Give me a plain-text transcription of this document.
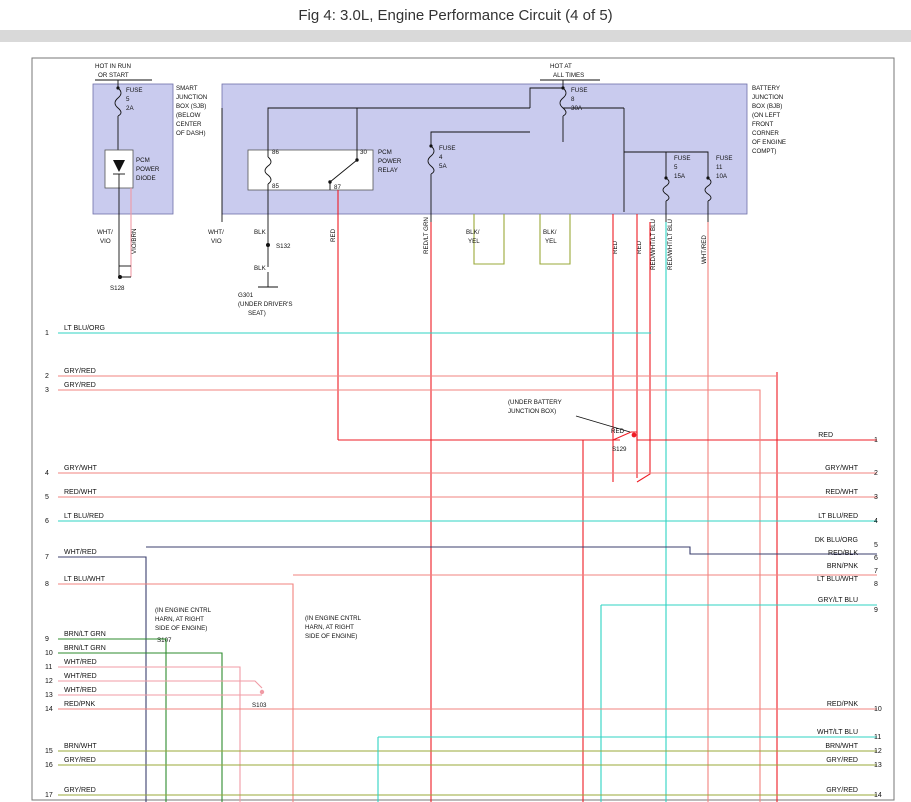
Fig 4: 3.0L, Engine Performance Circuit (4 of 5)
SMART
JUNCTION
BOX (SJB)
(BELOW
CENTER
OF DASH)
BATTERY
JUNCTION
BOX (BJB)
(ON LEFT
FRONT
CORNER
OF ENGINE
COMPT)
HOT IN RUN
OR START
HOT AT
ALL TIMES
FUSE
5
2A
PCM
POWER
DIODE
WHT/
VIO	VIO/BRN
S128
86
85
30
87
PCM
POWER
RELAY
WHT/
VIO
BLK
S132
BLK
G301
(UNDER DRIVER'S
SEAT)
FUSE
8
30A
FUSE
4
5A
RED	RED/LT GRN	BLK/
YEL
BLK/
YEL
FUSE
5
15A
FUSE
11
10A
RED	RED RED/WHT/LT BLU RED/WHT/LT BLU	WHT/RED
RED
S129
(UNDER BATTERY
JUNCTION BOX)
1
LT BLU/ORG
2
GRY/RED
3
GRY/RED
4
GRY/WHT
5
RED/WHT
6
LT BLU/RED
7
WHT/RED
8
LT BLU/WHT
(IN ENGINE CNTRL
HARN, AT RIGHT
SIDE OF ENGINE)
S107
9
BRN/LT GRN
10
BRN/LT GRN
11
WHT/RED
12
WHT/RED
13
WHT/RED
S103
(IN ENGINE CNTRL
HARN, AT RIGHT
SIDE OF ENGINE)
14
RED/PNK
15
BRN/WHT
16
GRY/RED
17
GRY/RED
RED
1
GRY/WHT
2
RED/WHT
3
LT BLU/RED
4
DK BLU/ORG
5
RED/BLK
6
BRN/PNK
7
LT BLU/WHT
8
GRY/LT BLU
9
RED/PNK
10
WHT/LT BLU
11
BRN/WHT
12
GRY/RED
13
GRY/RED
14
